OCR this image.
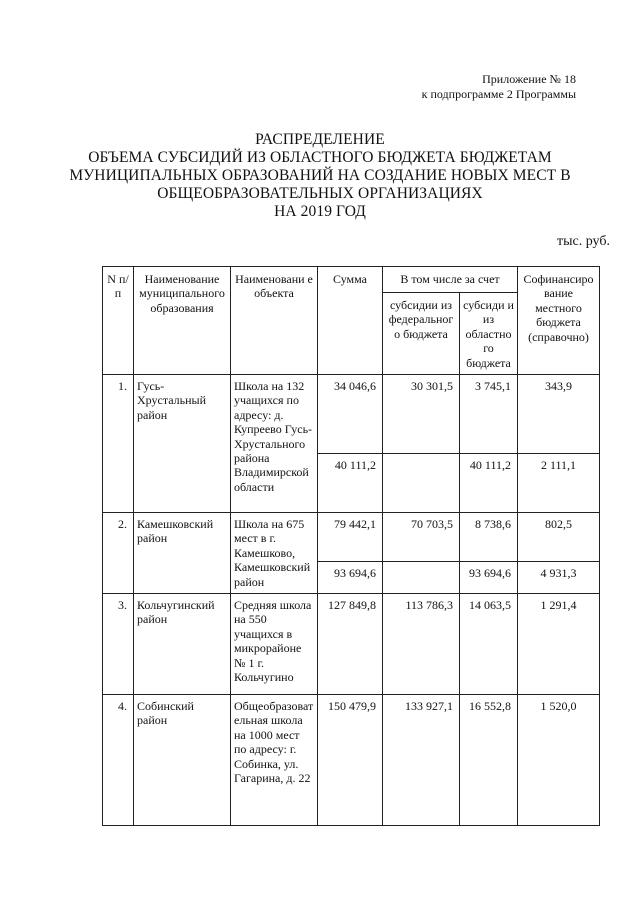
Приложение № 18
к подпрограмме 2 Программы
РАСПРЕДЕЛЕНИЕ
ОБЪЕМА СУБСИДИЙ ИЗ ОБЛАСТНОГО БЮДЖЕТА БЮДЖЕТАМ
МУНИЦИПАЛЬНЫХ ОБРАЗОВАНИЙ НА СОЗДАНИЕ НОВЫХ МЕСТ В
ОБЩЕОБРАЗОВАТЕЛЬНЫХ ОРГАНИЗАЦИЯХ
НА 2019 ГОД
тыс. руб.
N п/п	Наименование муниципального образования	Наименовани е объекта	Сумма	В том числе за счет		Софинансиро вание местного бюджета (справочно)
				субсидии из федеральног о бюджета	субсиди и из областно го бюджета	
1.	Гусь-Хрустальный район	Школа на 132 учащихся по адресу: д. Купреево Гусь-Хрустального района Владимирской области	34 046,6	30 301,5	3 745,1	343,9
			40 111,2		40 111,2	2 111,1
2.	Камешковский район	Школа на 675 мест в г. Камешково, Камешковский район	79 442,1	70 703,5	8 738,6	802,5
			93 694,6		93 694,6	4 931,3
3.	Кольчугинский район	Средняя школа на 550 учащихся в микрорайоне № 1 г. Кольчугино	127 849,8	113 786,3	14 063,5	1 291,4
4.	Собинский район	Общеобразовательная школа на 1000 мест по адресу: г. Собинка, ул. Гагарина, д. 22	150 479,9	133 927,1	16 552,8	1 520,0
